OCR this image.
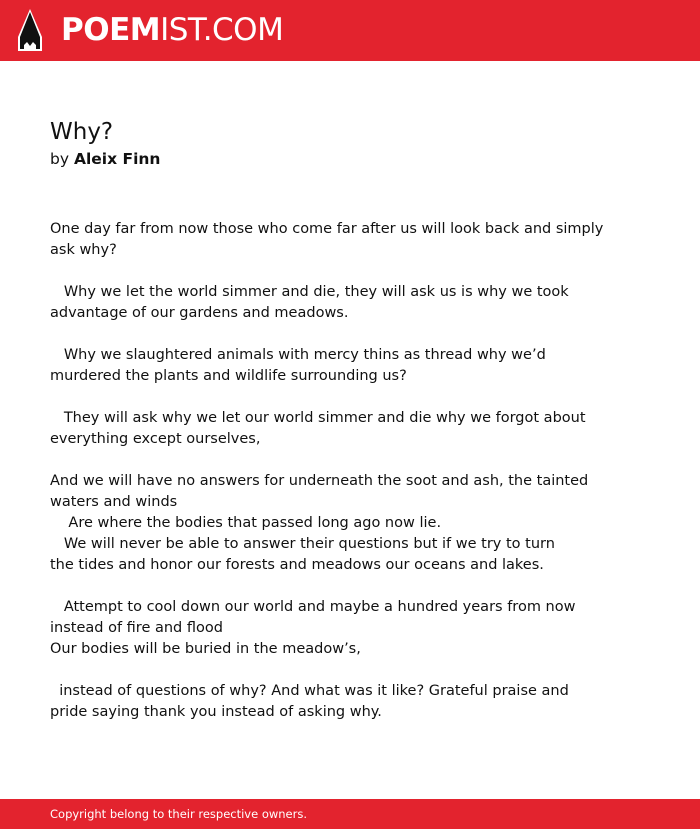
POEMIST.COM
Why?
by Aleix Finn
One day far from now those who come far after us will look back and simply
ask why?
Why we let the world simmer and die, they will ask us is why we took
advantage of our gardens and meadows.
Why we slaughtered animals with mercy thins as thread why we’d
murdered the plants and wildlife surrounding us?
They will ask why we let our world simmer and die why we forgot about
everything except ourselves,
And we will have no answers for underneath the soot and ash, the tainted
waters and winds
Are where the bodies that passed long ago now lie.
We will never be able to answer their questions but if we try to turn
the tides and honor our forests and meadows our oceans and lakes.
Attempt to cool down our world and maybe a hundred years from now
instead of fire and flood
Our bodies will be buried in the meadow’s,
instead of questions of why? And what was it like? Grateful praise and
pride saying thank you instead of asking why.
Copyright belong to their respective owners.
